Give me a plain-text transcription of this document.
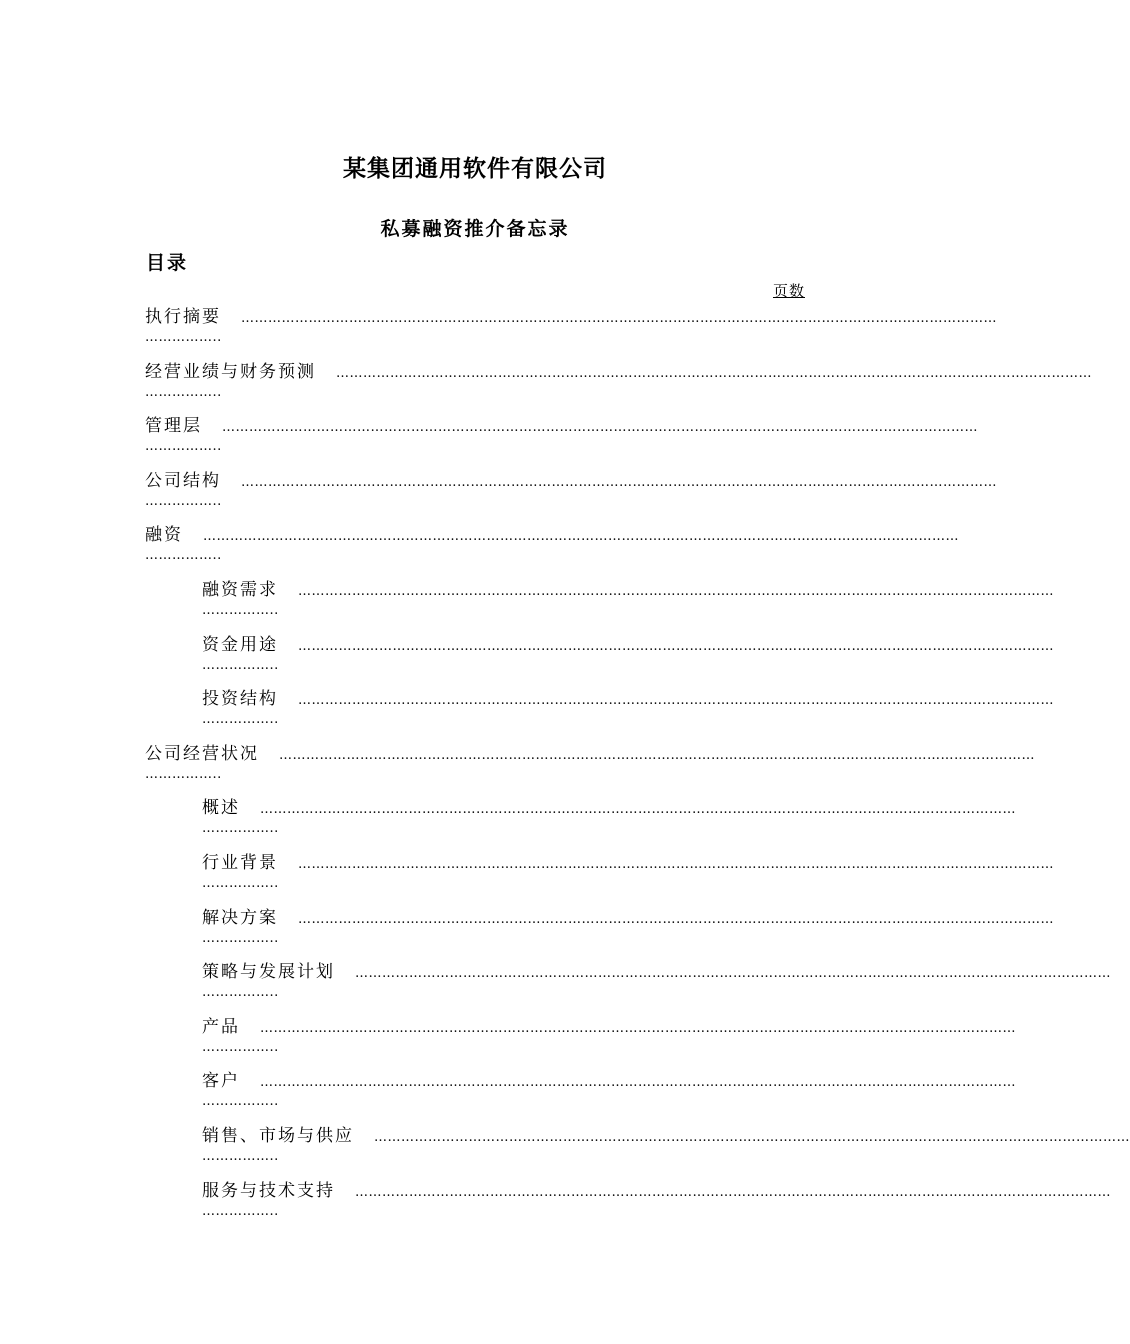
某集团通用软件有限公司
私募融资推介备忘录
目录
页数
执行摘要	……………………………………………………………………………………………………………………………………………………
……………..
经营业绩与财务预测	……………………………………………………………………………………………………………………………………………………
……………..
管理层	……………………………………………………………………………………………………………………………………………………
……………..
公司结构	……………………………………………………………………………………………………………………………………………………
……………..
融资	……………………………………………………………………………………………………………………………………………………
……………..
融资需求	……………………………………………………………………………………………………………………………………………………
……………..
资金用途	……………………………………………………………………………………………………………………………………………………
……………..
投资结构	……………………………………………………………………………………………………………………………………………………
……………..
公司经营状况	……………………………………………………………………………………………………………………………………………………
……………..
概述	……………………………………………………………………………………………………………………………………………………
……………..
行业背景	……………………………………………………………………………………………………………………………………………………
……………..
解决方案	……………………………………………………………………………………………………………………………………………………
……………..
策略与发展计划	……………………………………………………………………………………………………………………………………………………
……………..
产品	……………………………………………………………………………………………………………………………………………………
……………..
客户	……………………………………………………………………………………………………………………………………………………
……………..
销售、市场与供应	……………………………………………………………………………………………………………………………………………………
……………..
服务与技术支持	……………………………………………………………………………………………………………………………………………………
……………..
